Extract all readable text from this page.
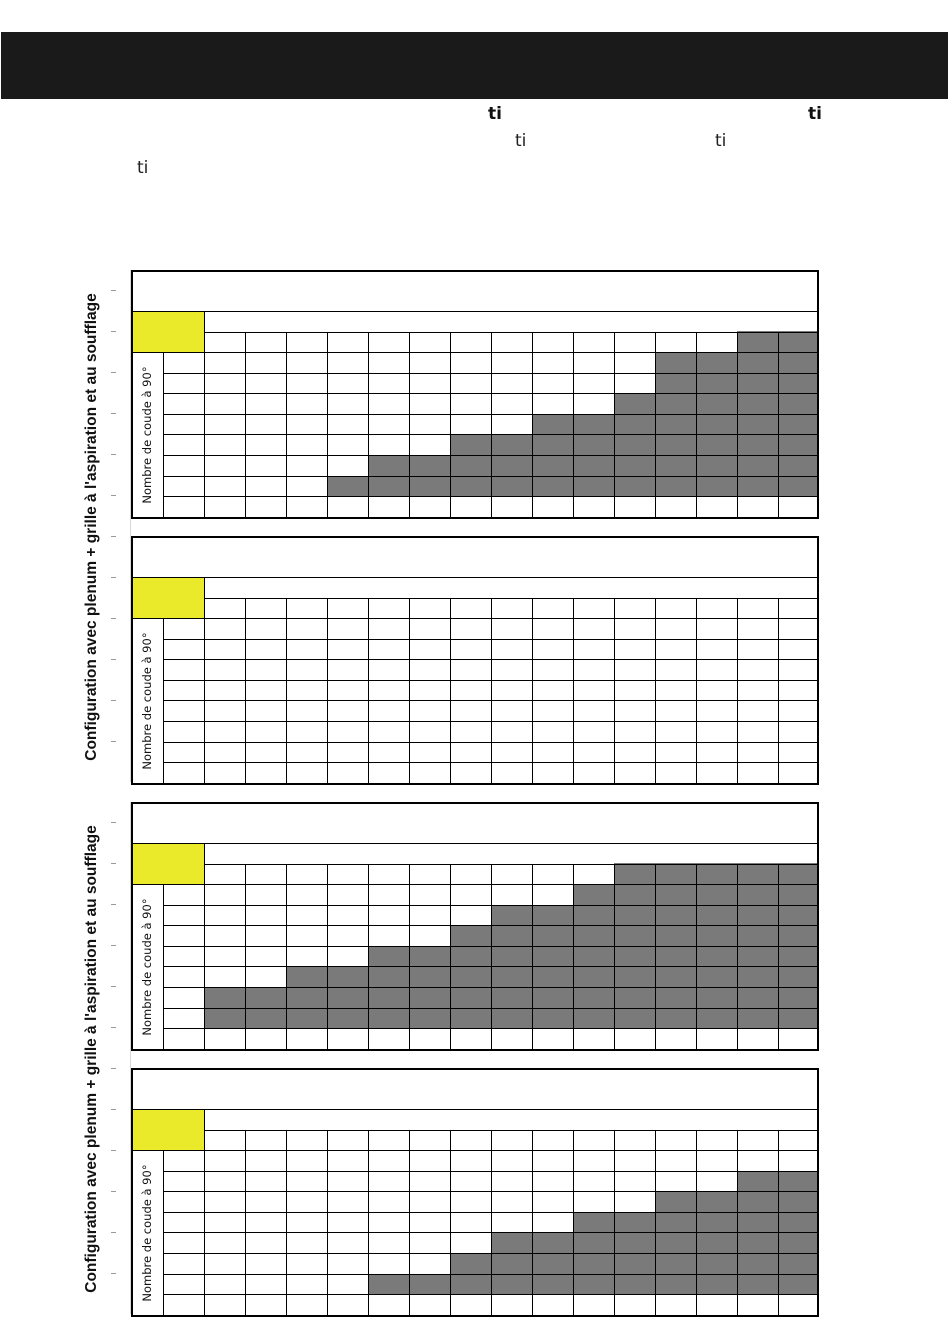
ti	ti
ti	ti
ti
Configuration avec plenum + grille à l'aspiration et au soufflage
Configuration avec plenum + grille à l'aspiration et au soufflage
Nombre de coude à 90°
Nombre de coude à 90°
Nombre de coude à 90°
Nombre de coude à 90°
